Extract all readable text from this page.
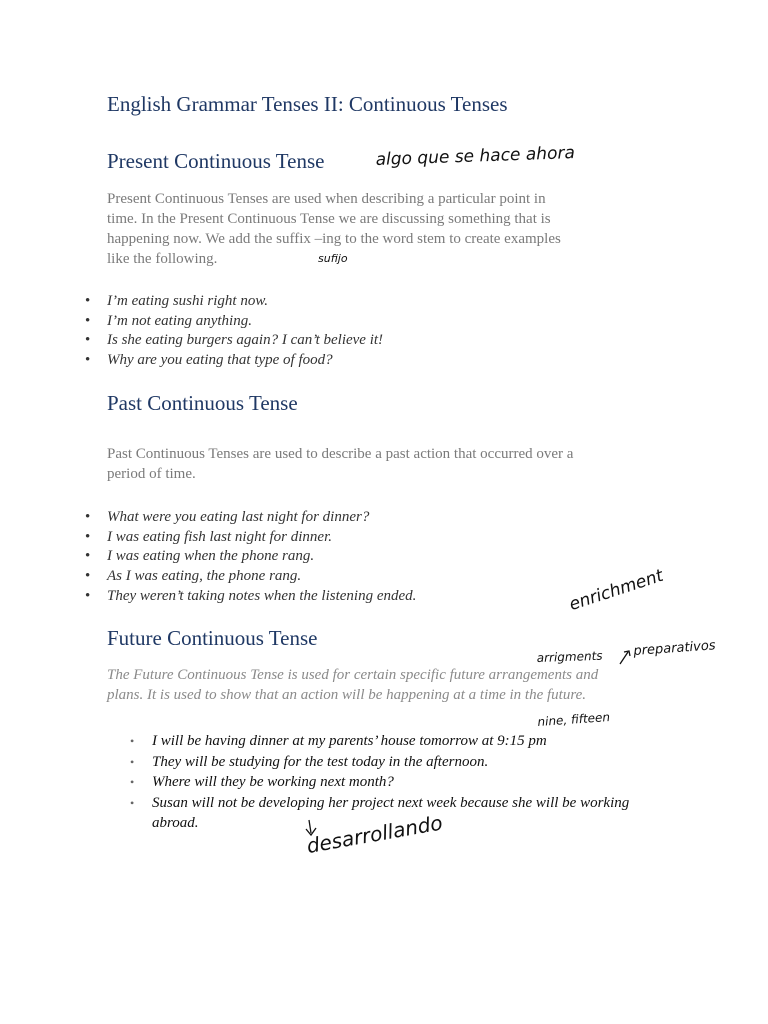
English Grammar Tenses II: Continuous Tenses
Present Continuous Tense
Present Continuous Tenses are used when describing a particular point in
time. In the Present Continuous Tense we are discussing something that is
happening now. We add the suffix –ing to the word stem to create examples
like the following.
• I’m eating sushi right now.
• I’m not eating anything.
• Is she eating burgers again? I can’t believe it!
• Why are you eating that type of food?
Past Continuous Tense
Past Continuous Tenses are used to describe a past action that occurred over a
period of time.
• What were you eating last night for dinner?
• I was eating fish last night for dinner.
• I was eating when the phone rang.
• As I was eating, the phone rang.
• They weren’t taking notes when the listening ended.
Future Continuous Tense
The Future Continuous Tense is used for certain specific future arrangements and
plans. It is used to show that an action will be happening at a time in the future.
• I will be having dinner at my parents’ house tomorrow at 9:15 pm
• They will be studying for the test today in the afternoon.
• Where will they be working next month?
• Susan will not be developing her project next week because she will be working abroad.
algo que se hace ahora
sufijo
enrichment
arrigments preparativos
nine, fifteen
desarrollando
